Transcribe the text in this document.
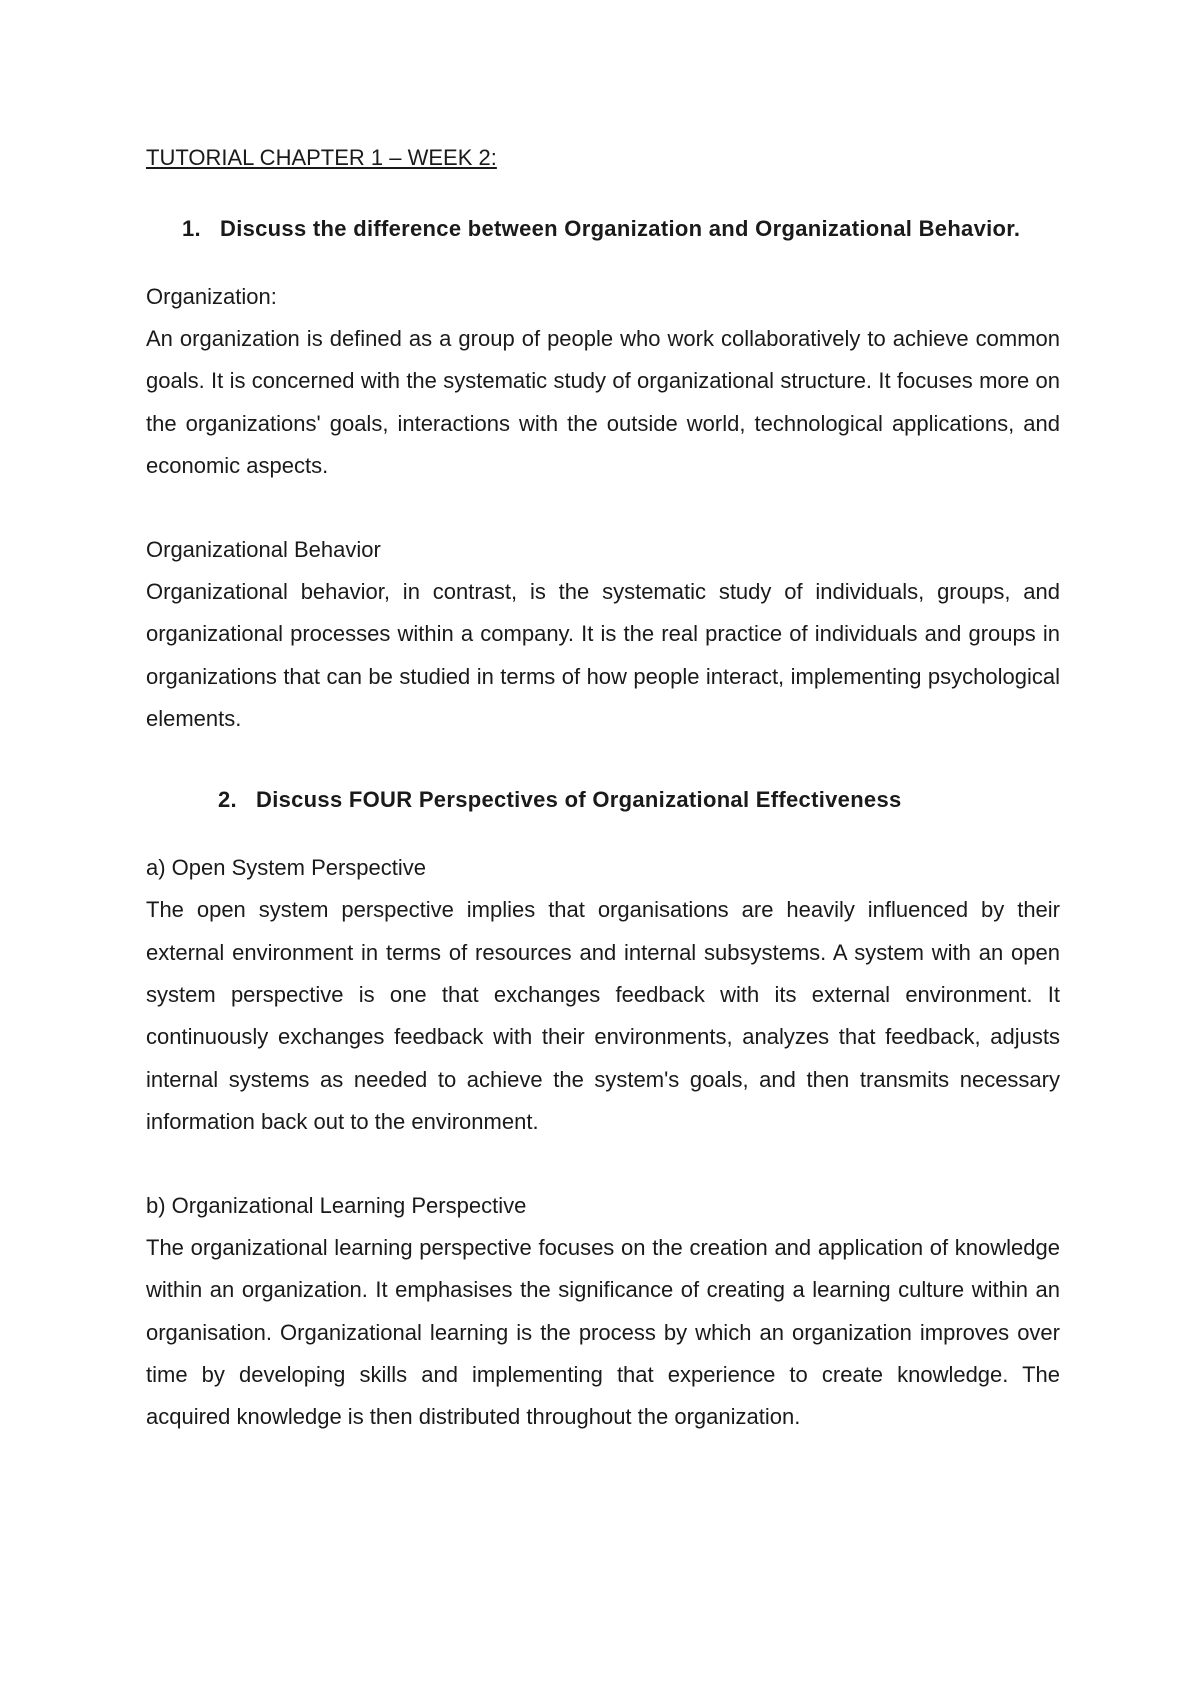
TUTORIAL CHAPTER 1 – WEEK 2:
1. Discuss the difference between Organization and Organizational Behavior.

Organization:

An organization is defined as a group of people who work collaboratively to achieve common goals. It is concerned with the systematic study of organizational structure. It focuses more on the organizations' goals, interactions with the outside world, technological applications, and economic aspects.

Organizational Behavior

Organizational behavior, in contrast, is the systematic study of individuals, groups, and organizational processes within a company. It is the real practice of individuals and groups in organizations that can be studied in terms of how people interact, implementing psychological elements.

2. Discuss FOUR Perspectives of Organizational Effectiveness

a) Open System Perspective

The open system perspective implies that organisations are heavily influenced by their external environment in terms of resources and internal subsystems. A system with an open system perspective is one that exchanges feedback with its external environment. It continuously exchanges feedback with their environments, analyzes that feedback, adjusts internal systems as needed to achieve the system's goals, and then transmits necessary information back out to the environment.

b) Organizational Learning Perspective

The organizational learning perspective focuses on the creation and application of knowledge within an organization. It emphasises the significance of creating a learning culture within an organisation. Organizational learning is the process by which an organization improves over time by developing skills and implementing that experience to create knowledge. The acquired knowledge is then distributed throughout the organization.
